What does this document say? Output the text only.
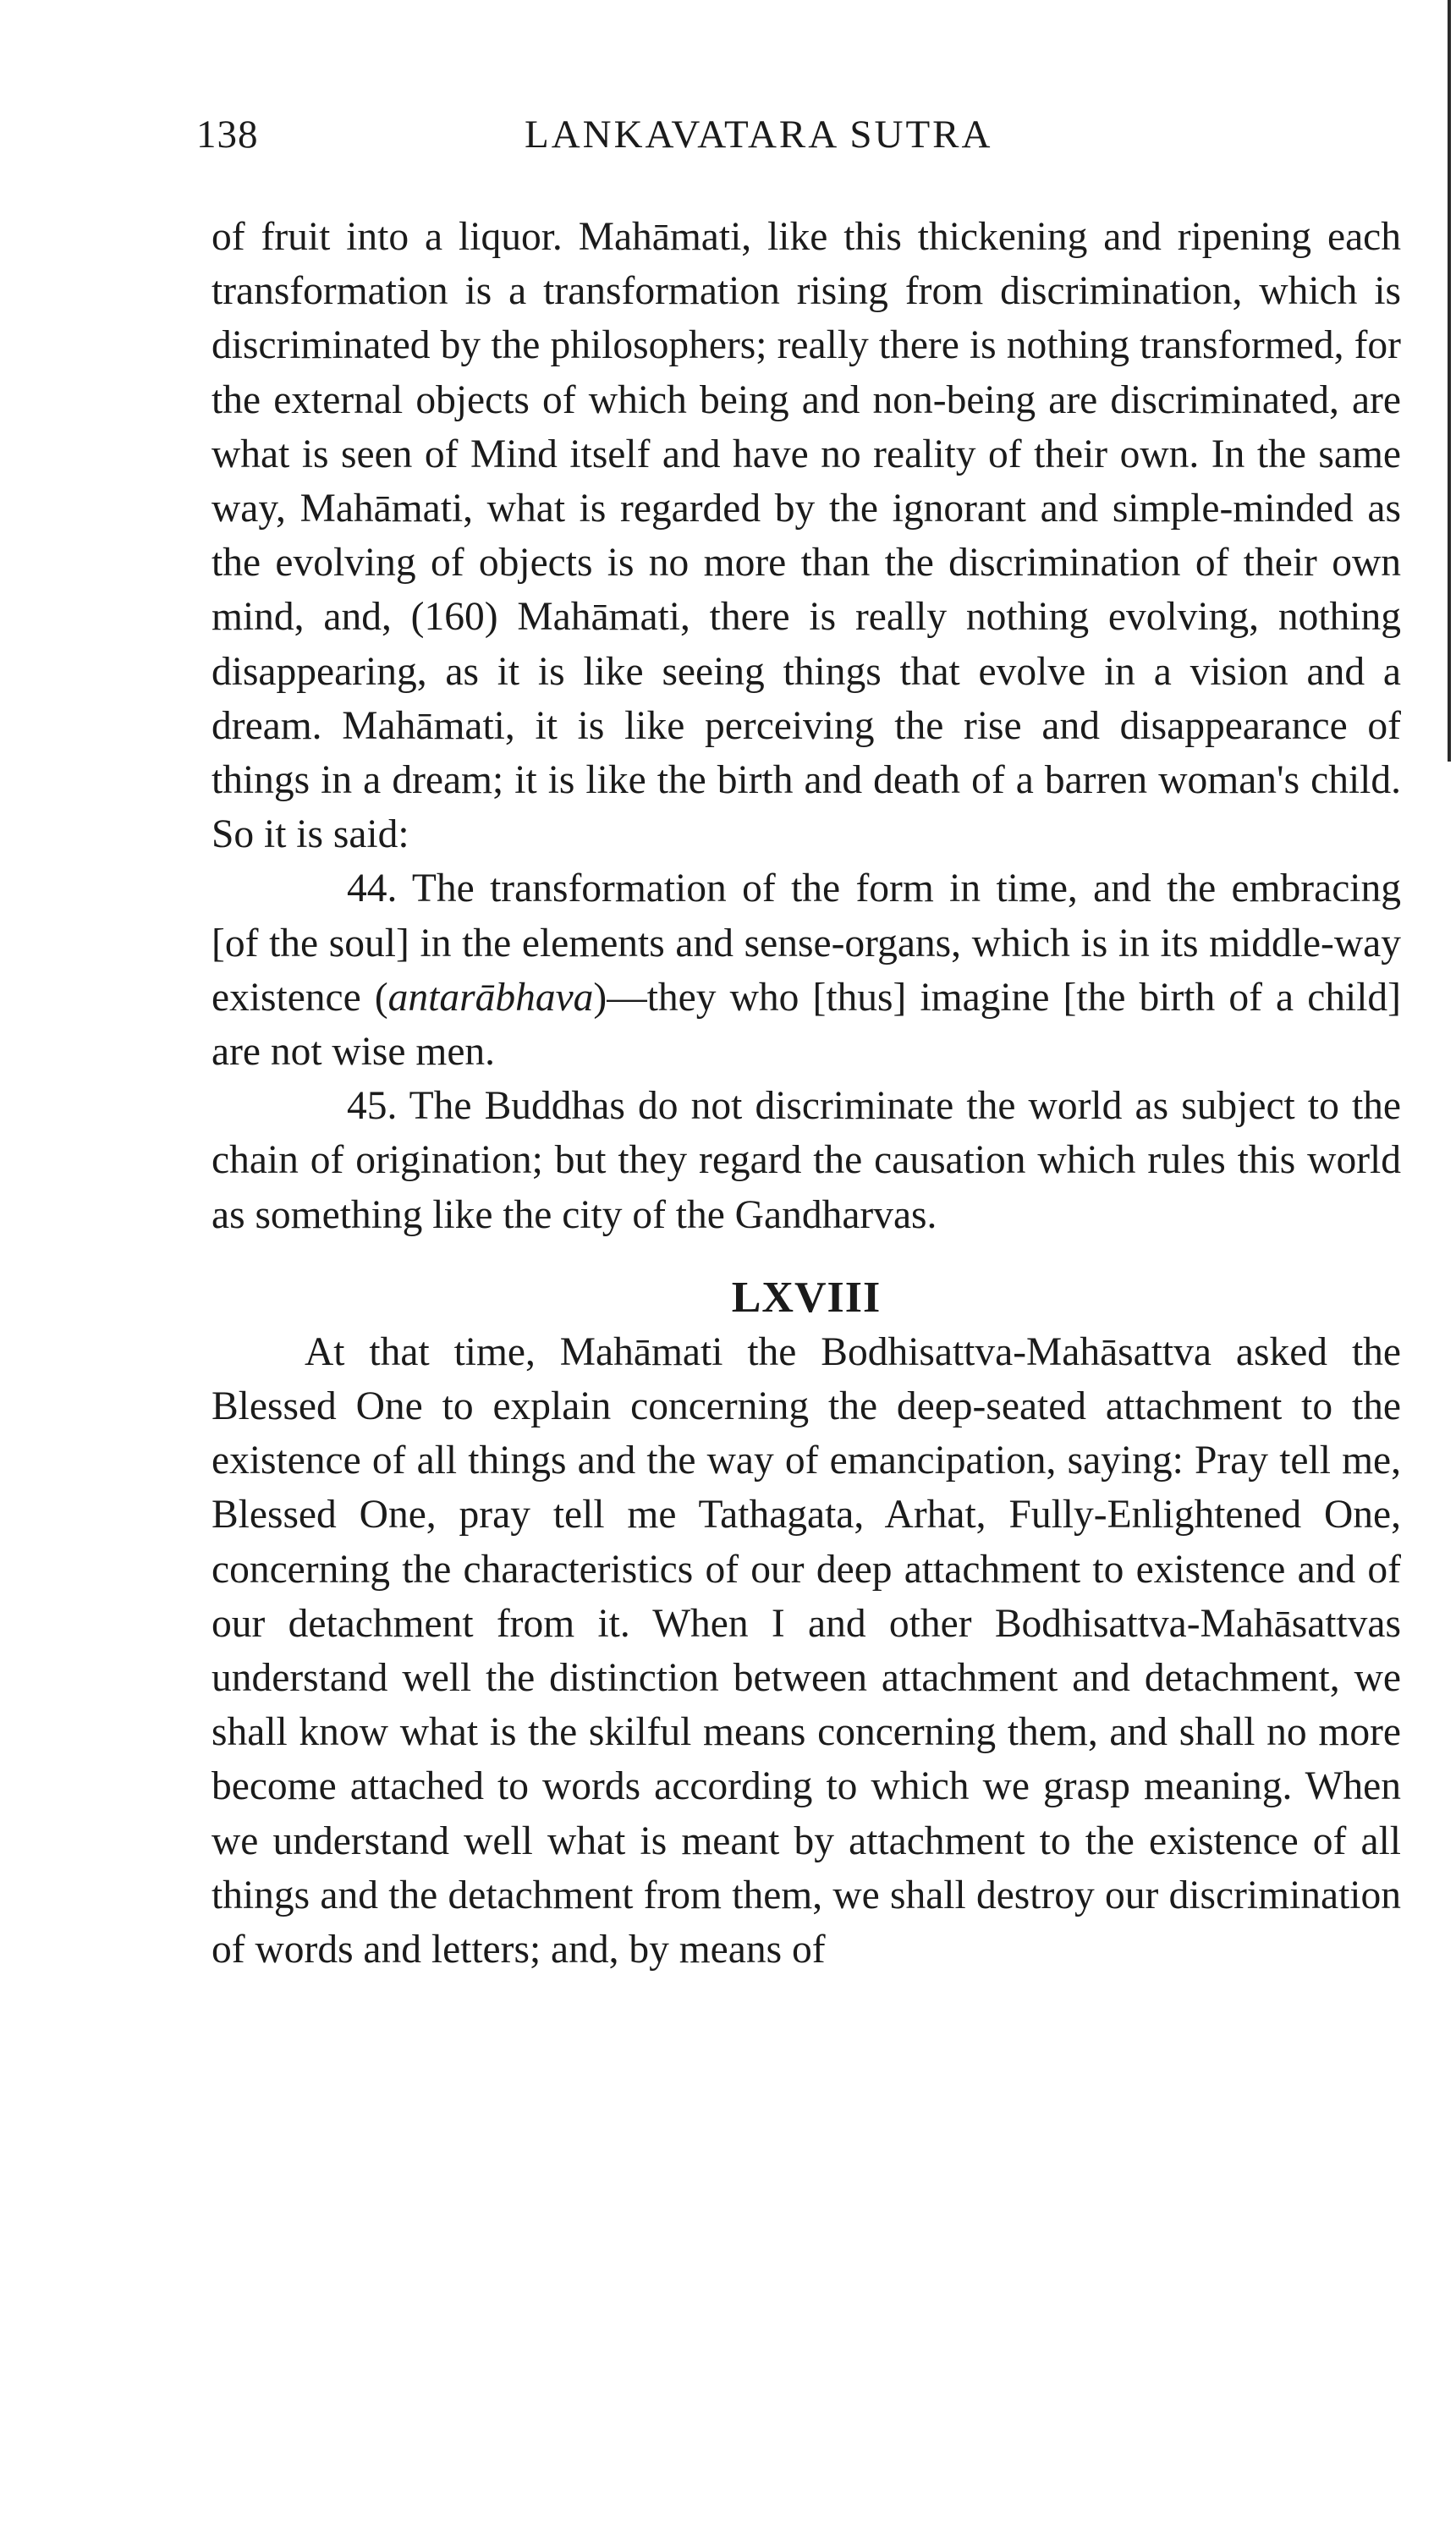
138	LANKAVATARA SUTRA

of fruit into a liquor. Mahāmati, like this thickening and ripening each transformation is a transformation rising from discrimination, which is discriminated by the philosophers; really there is nothing transformed, for the external objects of which being and non-being are discriminated, are what is seen of Mind itself and have no reality of their own. In the same way, Mahāmati, what is regarded by the ignorant and simple-minded as the evolving of objects is no more than the discrimination of their own mind, and, (160) Mahāmati, there is really nothing evolving, nothing disappearing, as it is like seeing things that evolve in a vision and a dream. Mahāmati, it is like perceiving the rise and disappearance of things in a dream; it is like the birth and death of a barren woman's child. So it is said:

44. The transformation of the form in time, and the embracing [of the soul] in the elements and sense-organs, which is in its middle-way existence (antarābhava)—they who [thus] imagine [the birth of a child] are not wise men.

45. The Buddhas do not discriminate the world as subject to the chain of origination; but they regard the causation which rules this world as something like the city of the Gandharvas.

LXVIII

At that time, Mahāmati the Bodhisattva-Mahāsattva asked the Blessed One to explain concerning the deep-seated attachment to the existence of all things and the way of emancipation, saying: Pray tell me, Blessed One, pray tell me Tathagata, Arhat, Fully-Enlightened One, concerning the characteristics of our deep attachment to existence and of our detachment from it. When I and other Bodhisattva-Mahāsattvas understand well the distinction between attachment and detachment, we shall know what is the skilful means concerning them, and shall no more become attached to words according to which we grasp meaning. When we understand well what is meant by attachment to the existence of all things and the detachment from them, we shall destroy our discrimination of words and letters; and, by means of
